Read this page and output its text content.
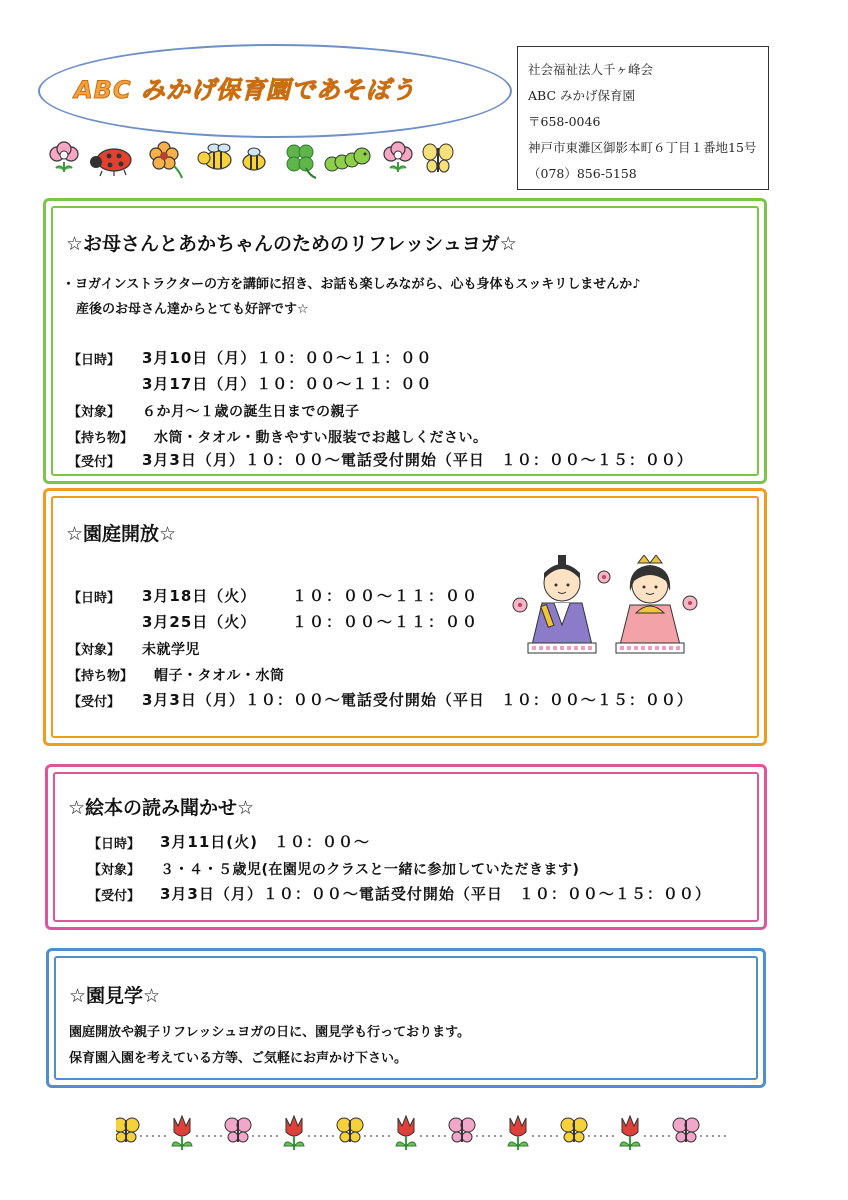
ABC みかげ保育園であそぼう
社会福祉法人千ヶ峰会
ABC みかげ保育園
〒658-0046
神戸市東灘区御影本町６丁目１番地15号
（078）856-5158
☆お母さんとあかちゃんのためのリフレッシュヨガ☆
・ヨガインストラクターの方を講師に招き、お話も楽しみながら、心も身体もスッキリしませんか♪
産後のお母さん達からとても好評です☆
【日時】 3月10日（月）１０：００～１１：００
3月17日（月）１０：００～１１：００
【対象】 ６か月～１歳の誕生日までの親子
【持ち物】 水筒・タオル・動きやすい服装でお越しください。
【受付】 3月3日（月）１０：００～電話受付開始（平日　１０：００～１５：００）
☆園庭開放☆
【日時】 3月18日（火） １０：００～１１：００
3月25日（火） １０：００～１１：００
【対象】 未就学児
【持ち物】 帽子・タオル・水筒
【受付】 3月3日（月）１０：００～電話受付開始（平日　１０：００～１５：００）
☆絵本の読み聞かせ☆
【日時】 3月11日(火)　１０：００～
【対象】 ３・４・５歳児(在園児のクラスと一緒に参加していただきます)
【受付】 3月3日（月）１０：００～電話受付開始（平日　１０：００～１５：００）
☆園見学☆
園庭開放や親子リフレッシュヨガの日に、園見学も行っております。
保育園入園を考えている方等、ご気軽にお声かけ下さい。
